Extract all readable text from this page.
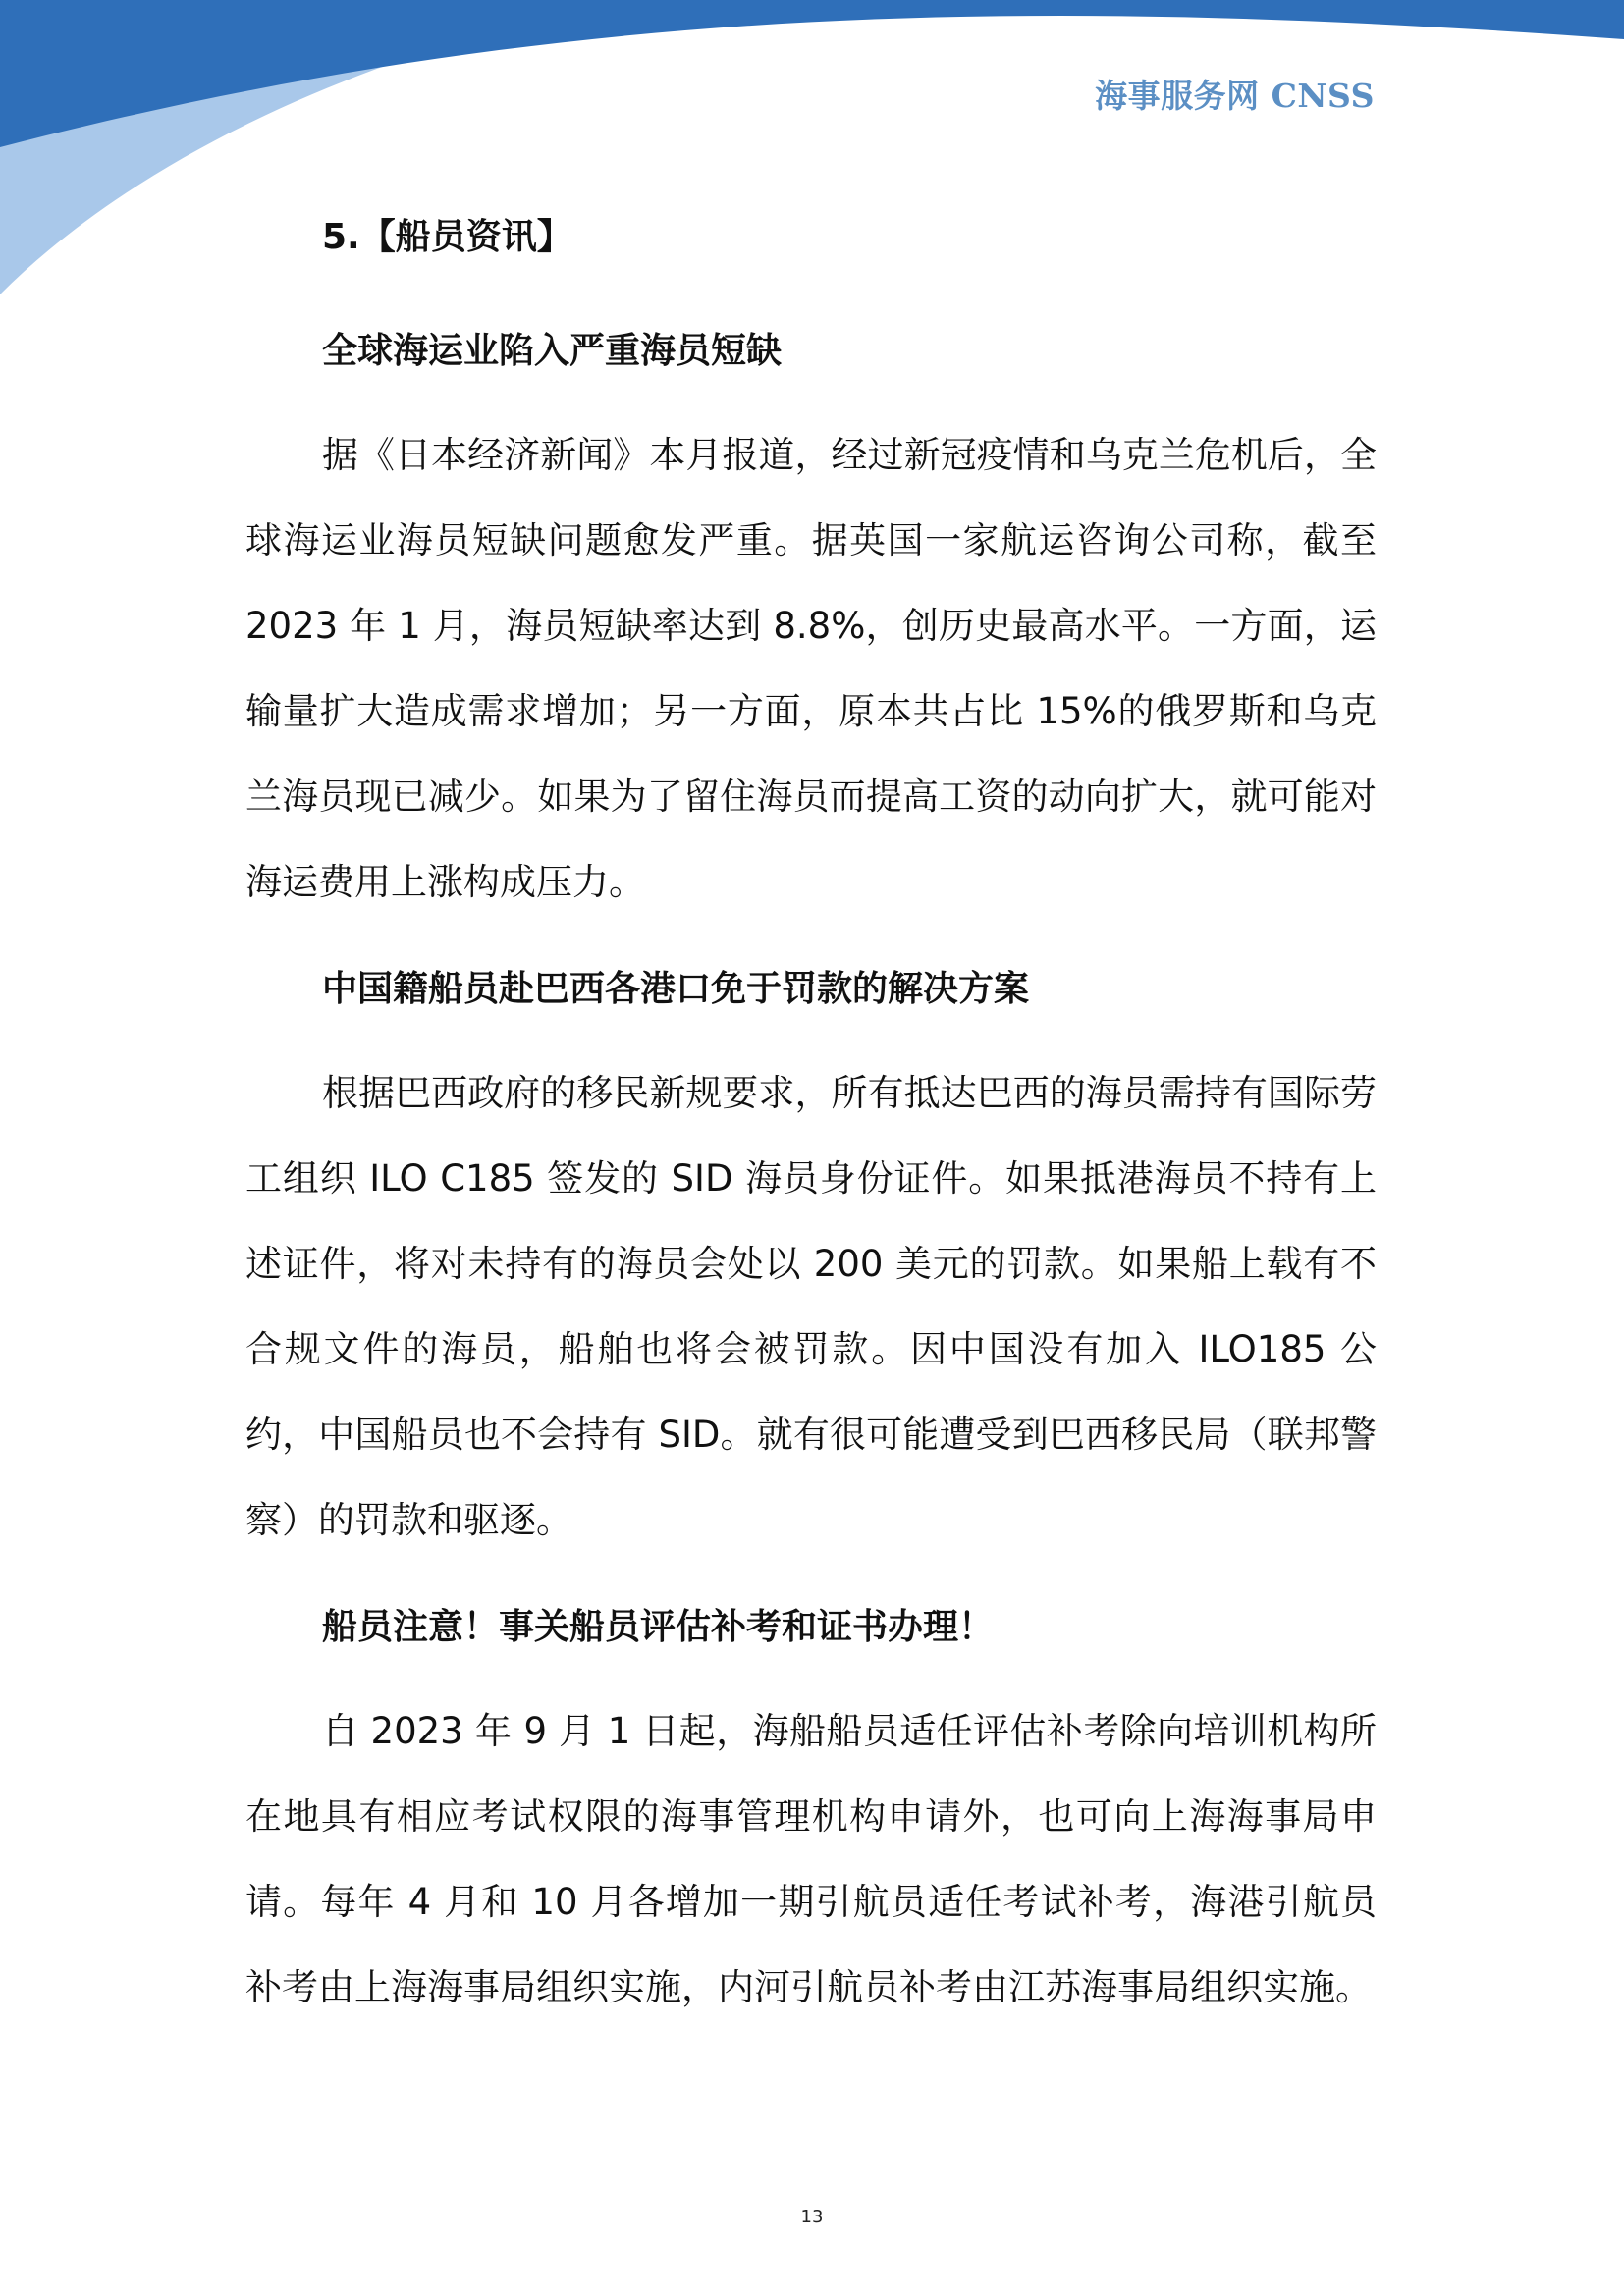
海事服务网 CNSS
5.【船员资讯】
全球海运业陷入严重海员短缺

据《日本经济新闻》本月报道，经过新冠疫情和乌克兰危机后，全球海运业海员短缺问题愈发严重。据英国一家航运咨询公司称，截至 2023 年 1 月，海员短缺率达到 8.8%，创历史最高水平。一方面，运输量扩大造成需求增加；另一方面，原本共占比 15%的俄罗斯和乌克兰海员现已减少。如果为了留住海员而提高工资的动向扩大，就可能对海运费用上涨构成压力。

中国籍船员赴巴西各港口免于罚款的解决方案

根据巴西政府的移民新规要求，所有抵达巴西的海员需持有国际劳工组织 ILO C185 签发的 SID 海员身份证件。如果抵港海员不持有上述证件，将对未持有的海员会处以 200 美元的罚款。如果船上载有不合规文件的海员，船舶也将会被罚款。因中国没有加入 ILO185 公约，中国船员也不会持有 SID。就有很可能遭受到巴西移民局（联邦警察）的罚款和驱逐。

船员注意！事关船员评估补考和证书办理！

自 2023 年 9 月 1 日起，海船船员适任评估补考除向培训机构所在地具有相应考试权限的海事管理机构申请外，也可向上海海事局申请。每年 4 月和 10 月各增加一期引航员适任考试补考，海港引航员补考由上海海事局组织实施，内河引航员补考由江苏海事局组织实施。

13
